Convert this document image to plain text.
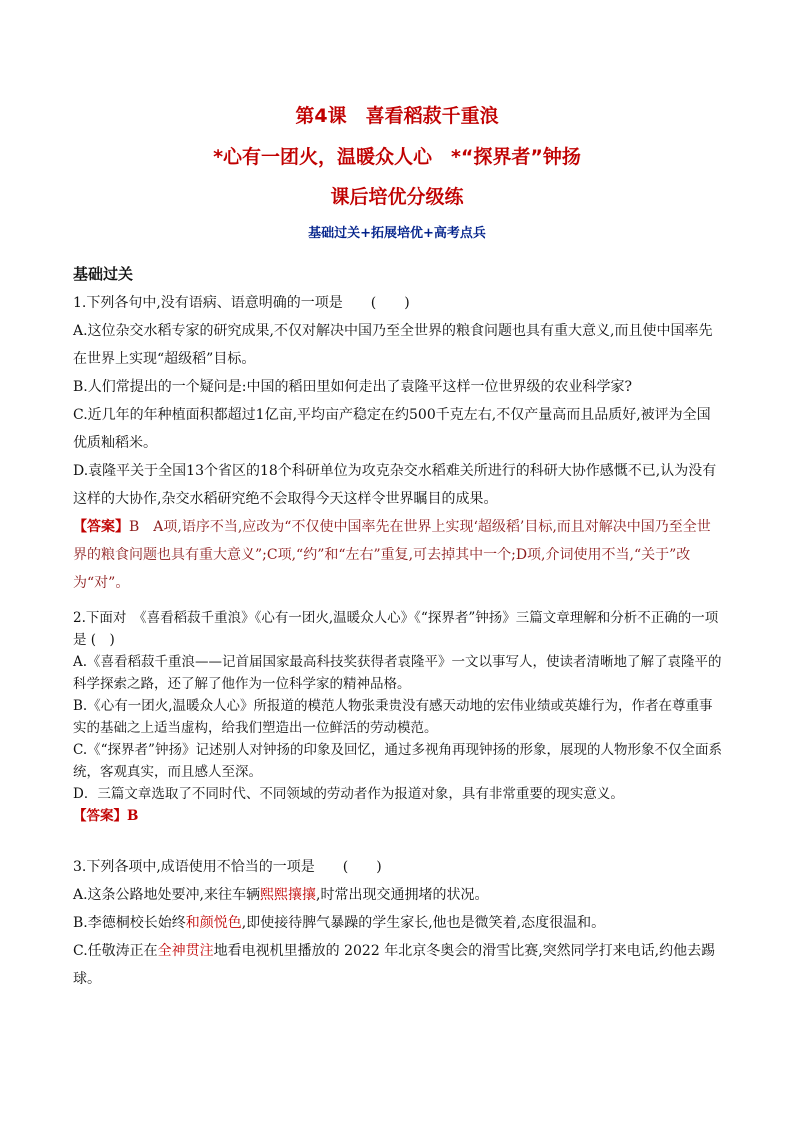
第4课　喜看稻菽千重浪
*心有一团火，温暖众人心　*“探界者”钟扬
课后培优分级练
基础过关+拓展培优+高考点兵
基础过关

1.下列各句中,没有语病、语意明确的一项是　　(　　)

A.这位杂交水稻专家的研究成果,不仅对解决中国乃至全世界的粮食问题也具有重大意义,而且使中国率先在世界上实现“超级稻”目标。

B.人们常提出的一个疑问是:中国的稻田里如何走出了袁隆平这样一位世界级的农业科学家?

C.近几年的年种植面积都超过1亿亩,平均亩产稳定在约500千克左右,不仅产量高而且品质好,被评为全国优质籼稻米。

D.袁隆平关于全国13个省区的18个科研单位为攻克杂交水稻难关所进行的科研大协作感慨不已,认为没有这样的大协作,杂交水稻研究绝不会取得今天这样令世界瞩目的成果。

【答案】B　A项,语序不当,应改为“不仅使中国率先在世界上实现‘超级稻’目标,而且对解决中国乃至全世界的粮食问题也具有重大意义”;C项,“约”和“左右”重复,可去掉其中一个;D项,介词使用不当,“关于”改为“对”。

2.下面对　《喜看稻菽千重浪》《心有一团火,温暖众人心》《“探界者”钟扬》三篇文章理解和分析不正确的一项是 (　)

A.《喜看稻菽千重浪——记首届国家最高科技奖获得者袁隆平》一文以事写人，使读者清晰地了解了袁隆平的科学探索之路，还了解了他作为一位科学家的精神品格。

B.《心有一团火,温暖众人心》所报道的模范人物张秉贵没有感天动地的宏伟业绩或英雄行为，作者在尊重事实的基础之上适当虚构，给我们塑造出一位鲜活的劳动模范。

C.《“探界者”钟扬》记述别人对钟扬的印象及回忆，通过多视角再现钟扬的形象，展现的人物形象不仅全面系统，客观真实，而且感人至深。

D．三篇文章选取了不同时代、不同领域的劳动者作为报道对象，具有非常重要的现实意义。

【答案】B

3.下列各项中,成语使用不恰当的一项是　　(　　)

A.这条公路地处要冲,来往车辆熙熙攘攘,时常出现交通拥堵的状况。

B.李德桐校长始终和颜悦色,即使接待脾气暴躁的学生家长,他也是微笑着,态度很温和。

C.任敬涛正在全神贯注地看电视机里播放的 2022 年北京冬奥会的滑雪比赛,突然同学打来电话,约他去踢球。
